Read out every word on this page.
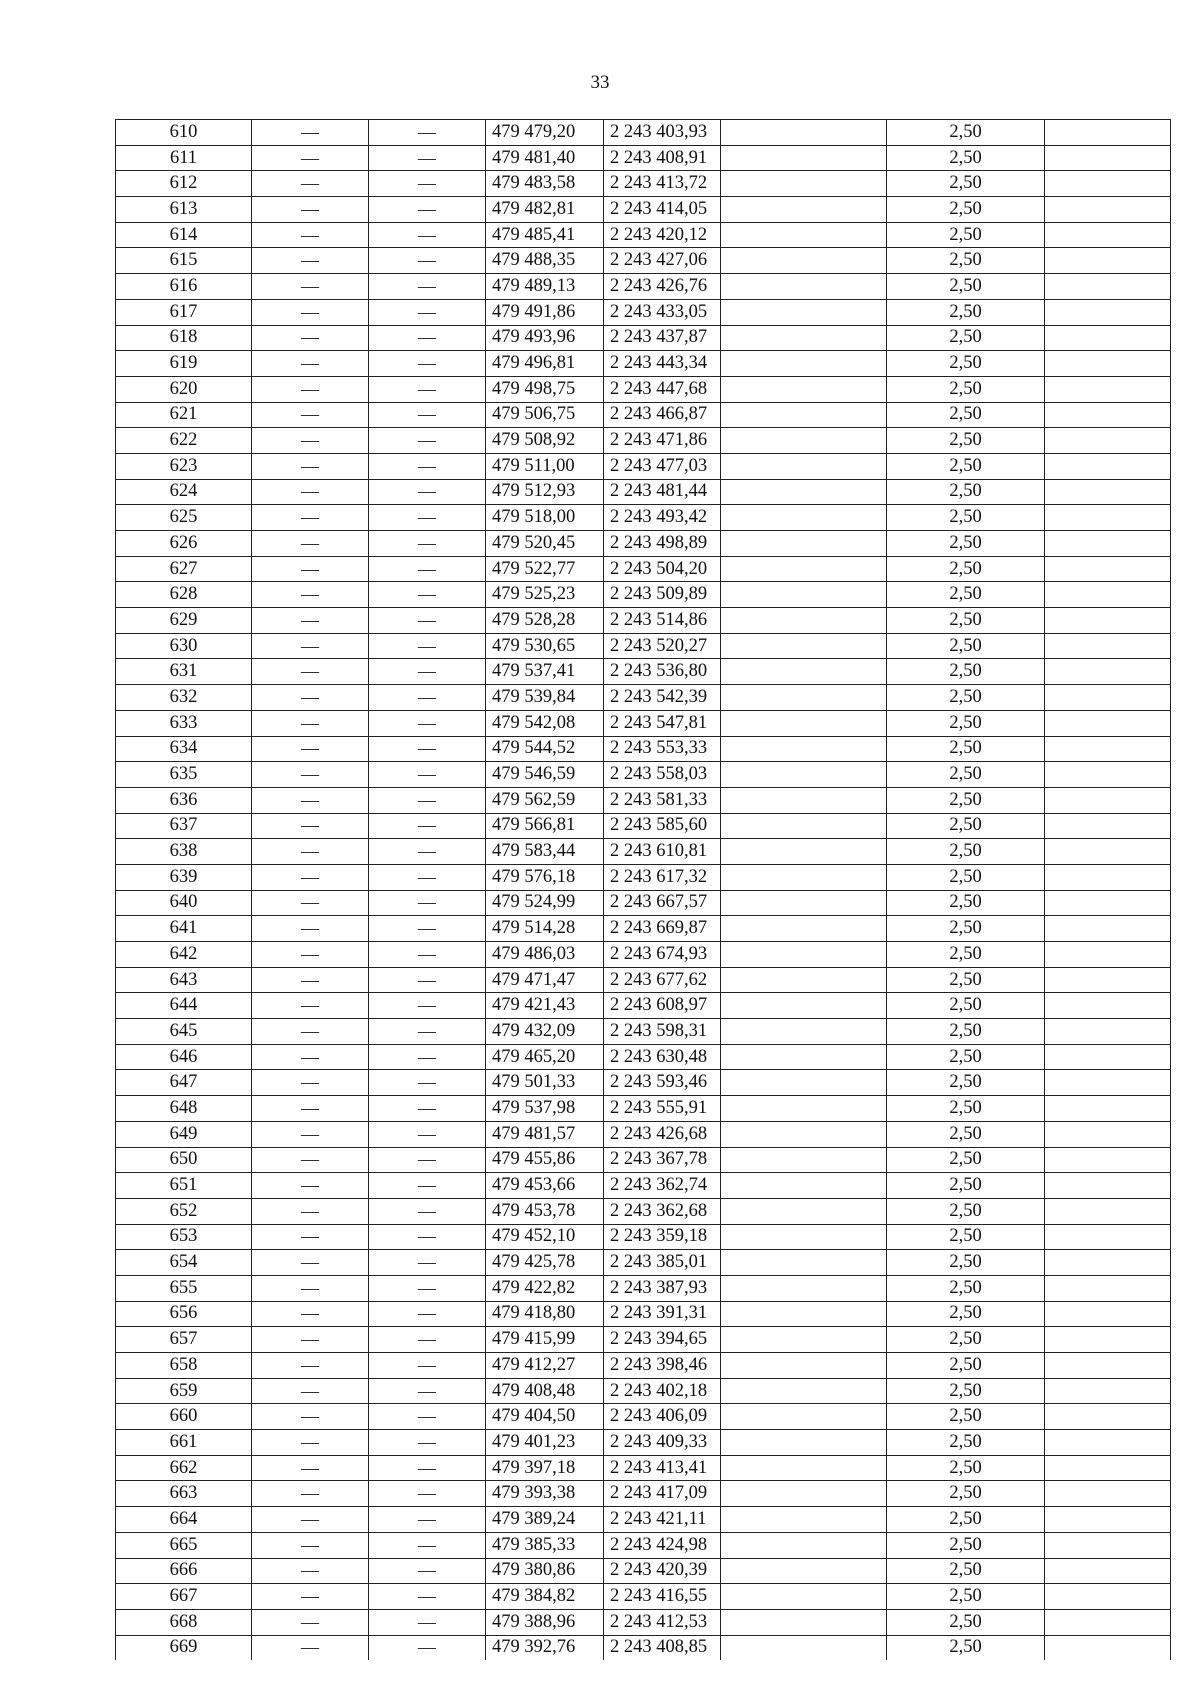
33
610	—	—	479 479,20	2 243 403,93		2,50	
611	—	—	479 481,40	2 243 408,91		2,50	
612	—	—	479 483,58	2 243 413,72		2,50	
613	—	—	479 482,81	2 243 414,05		2,50	
614	—	—	479 485,41	2 243 420,12		2,50	
615	—	—	479 488,35	2 243 427,06		2,50	
616	—	—	479 489,13	2 243 426,76		2,50	
617	—	—	479 491,86	2 243 433,05		2,50	
618	—	—	479 493,96	2 243 437,87		2,50	
619	—	—	479 496,81	2 243 443,34		2,50	
620	—	—	479 498,75	2 243 447,68		2,50	
621	—	—	479 506,75	2 243 466,87		2,50	
622	—	—	479 508,92	2 243 471,86		2,50	
623	—	—	479 511,00	2 243 477,03		2,50	
624	—	—	479 512,93	2 243 481,44		2,50	
625	—	—	479 518,00	2 243 493,42		2,50	
626	—	—	479 520,45	2 243 498,89		2,50	
627	—	—	479 522,77	2 243 504,20		2,50	
628	—	—	479 525,23	2 243 509,89		2,50	
629	—	—	479 528,28	2 243 514,86		2,50	
630	—	—	479 530,65	2 243 520,27		2,50	
631	—	—	479 537,41	2 243 536,80		2,50	
632	—	—	479 539,84	2 243 542,39		2,50	
633	—	—	479 542,08	2 243 547,81		2,50	
634	—	—	479 544,52	2 243 553,33		2,50	
635	—	—	479 546,59	2 243 558,03		2,50	
636	—	—	479 562,59	2 243 581,33		2,50	
637	—	—	479 566,81	2 243 585,60		2,50	
638	—	—	479 583,44	2 243 610,81		2,50	
639	—	—	479 576,18	2 243 617,32		2,50	
640	—	—	479 524,99	2 243 667,57		2,50	
641	—	—	479 514,28	2 243 669,87		2,50	
642	—	—	479 486,03	2 243 674,93		2,50	
643	—	—	479 471,47	2 243 677,62		2,50	
644	—	—	479 421,43	2 243 608,97		2,50	
645	—	—	479 432,09	2 243 598,31		2,50	
646	—	—	479 465,20	2 243 630,48		2,50	
647	—	—	479 501,33	2 243 593,46		2,50	
648	—	—	479 537,98	2 243 555,91		2,50	
649	—	—	479 481,57	2 243 426,68		2,50	
650	—	—	479 455,86	2 243 367,78		2,50	
651	—	—	479 453,66	2 243 362,74		2,50	
652	—	—	479 453,78	2 243 362,68		2,50	
653	—	—	479 452,10	2 243 359,18		2,50	
654	—	—	479 425,78	2 243 385,01		2,50	
655	—	—	479 422,82	2 243 387,93		2,50	
656	—	—	479 418,80	2 243 391,31		2,50	
657	—	—	479 415,99	2 243 394,65		2,50	
658	—	—	479 412,27	2 243 398,46		2,50	
659	—	—	479 408,48	2 243 402,18		2,50	
660	—	—	479 404,50	2 243 406,09		2,50	
661	—	—	479 401,23	2 243 409,33		2,50	
662	—	—	479 397,18	2 243 413,41		2,50	
663	—	—	479 393,38	2 243 417,09		2,50	
664	—	—	479 389,24	2 243 421,11		2,50	
665	—	—	479 385,33	2 243 424,98		2,50	
666	—	—	479 380,86	2 243 420,39		2,50	
667	—	—	479 384,82	2 243 416,55		2,50	
668	—	—	479 388,96	2 243 412,53		2,50	
669	—	—	479 392,76	2 243 408,85		2,50	
